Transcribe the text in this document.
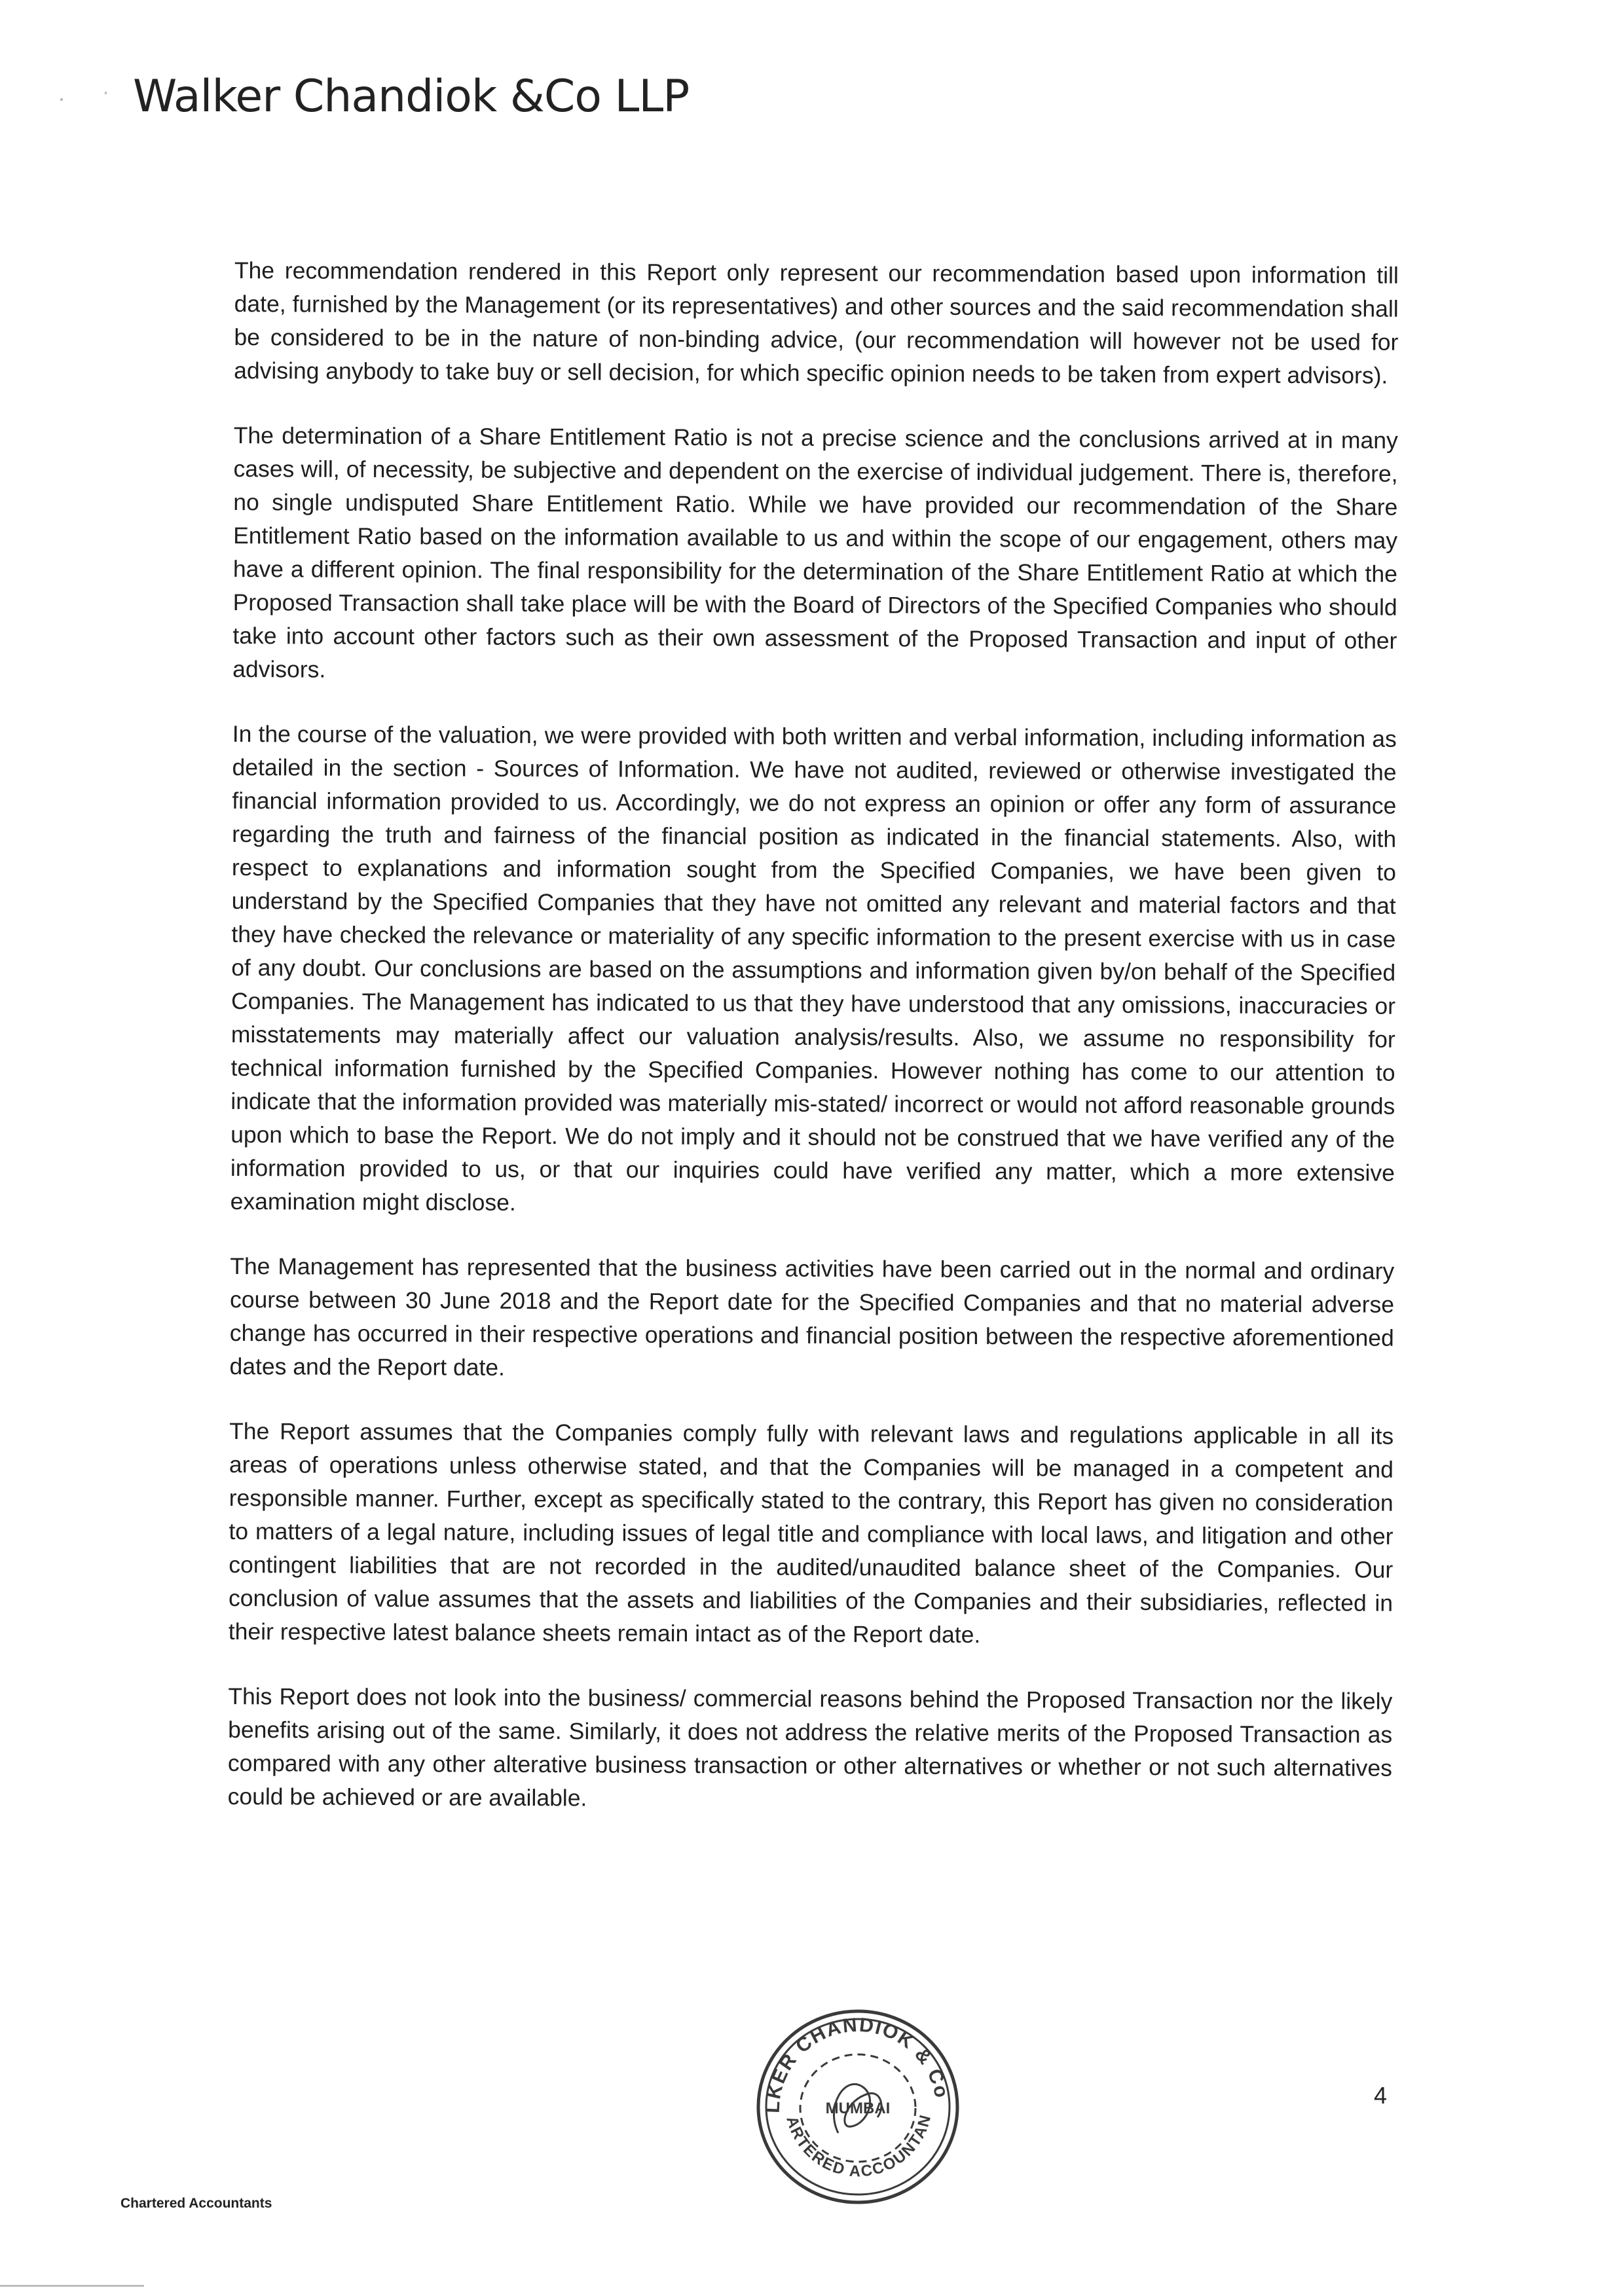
Walker Chandiok &Co LLP

The recommendation rendered in this Report only represent our recommendation based upon information till date, furnished by the Management (or its representatives) and other sources and the said recommendation shall be considered to be in the nature of non-binding advice, (our recommendation will however not be used for advising anybody to take buy or sell decision, for which specific opinion needs to be taken from expert advisors).

The determination of a Share Entitlement Ratio is not a precise science and the conclusions arrived at in many cases will, of necessity, be subjective and dependent on the exercise of individual judgement. There is, therefore, no single undisputed Share Entitlement Ratio. While we have provided our recommendation of the Share Entitlement Ratio based on the information available to us and within the scope of our engagement, others may have a different opinion. The final responsibility for the determination of the Share Entitlement Ratio at which the Proposed Transaction shall take place will be with the Board of Directors of the Specified Companies who should take into account other factors such as their own assessment of the Proposed Transaction and input of other advisors.

In the course of the valuation, we were provided with both written and verbal information, including information as detailed in the section - Sources of Information. We have not audited, reviewed or otherwise investigated the financial information provided to us. Accordingly, we do not express an opinion or offer any form of assurance regarding the truth and fairness of the financial position as indicated in the financial statements. Also, with respect to explanations and information sought from the Specified Companies, we have been given to understand by the Specified Companies that they have not omitted any relevant and material factors and that they have checked the relevance or materiality of any specific information to the present exercise with us in case of any doubt. Our conclusions are based on the assumptions and information given by/on behalf of the Specified Companies. The Management has indicated to us that they have understood that any omissions, inaccuracies or misstatements may materially affect our valuation analysis/results. Also, we assume no responsibility for technical information furnished by the Specified Companies. However nothing has come to our attention to indicate that the information provided was materially mis-stated/ incorrect or would not afford reasonable grounds upon which to base the Report. We do not imply and it should not be construed that we have verified any of the information provided to us, or that our inquiries could have verified any matter, which a more extensive examination might disclose.

The Management has represented that the business activities have been carried out in the normal and ordinary course between 30 June 2018 and the Report date for the Specified Companies and that no material adverse change has occurred in their respective operations and financial position between the respective aforementioned dates and the Report date.

The Report assumes that the Companies comply fully with relevant laws and regulations applicable in all its areas of operations unless otherwise stated, and that the Companies will be managed in a competent and responsible manner. Further, except as specifically stated to the contrary, this Report has given no consideration to matters of a legal nature, including issues of legal title and compliance with local laws, and litigation and other contingent liabilities that are not recorded in the audited/unaudited balance sheet of the Companies. Our conclusion of value assumes that the assets and liabilities of the Companies and their subsidiaries, reflected in their respective latest balance sheets remain intact as of the Report date.

This Report does not look into the business/ commercial reasons behind the Proposed Transaction nor the likely benefits arising out of the same. Similarly, it does not address the relative merits of the Proposed Transaction as compared with any other alterative business transaction or other alternatives or whether or not such alternatives could be achieved or are available.

LKER CHANDIOK & Co
ARTERED ACCOUNTAN
MUMBAI	4
Chartered Accountants
